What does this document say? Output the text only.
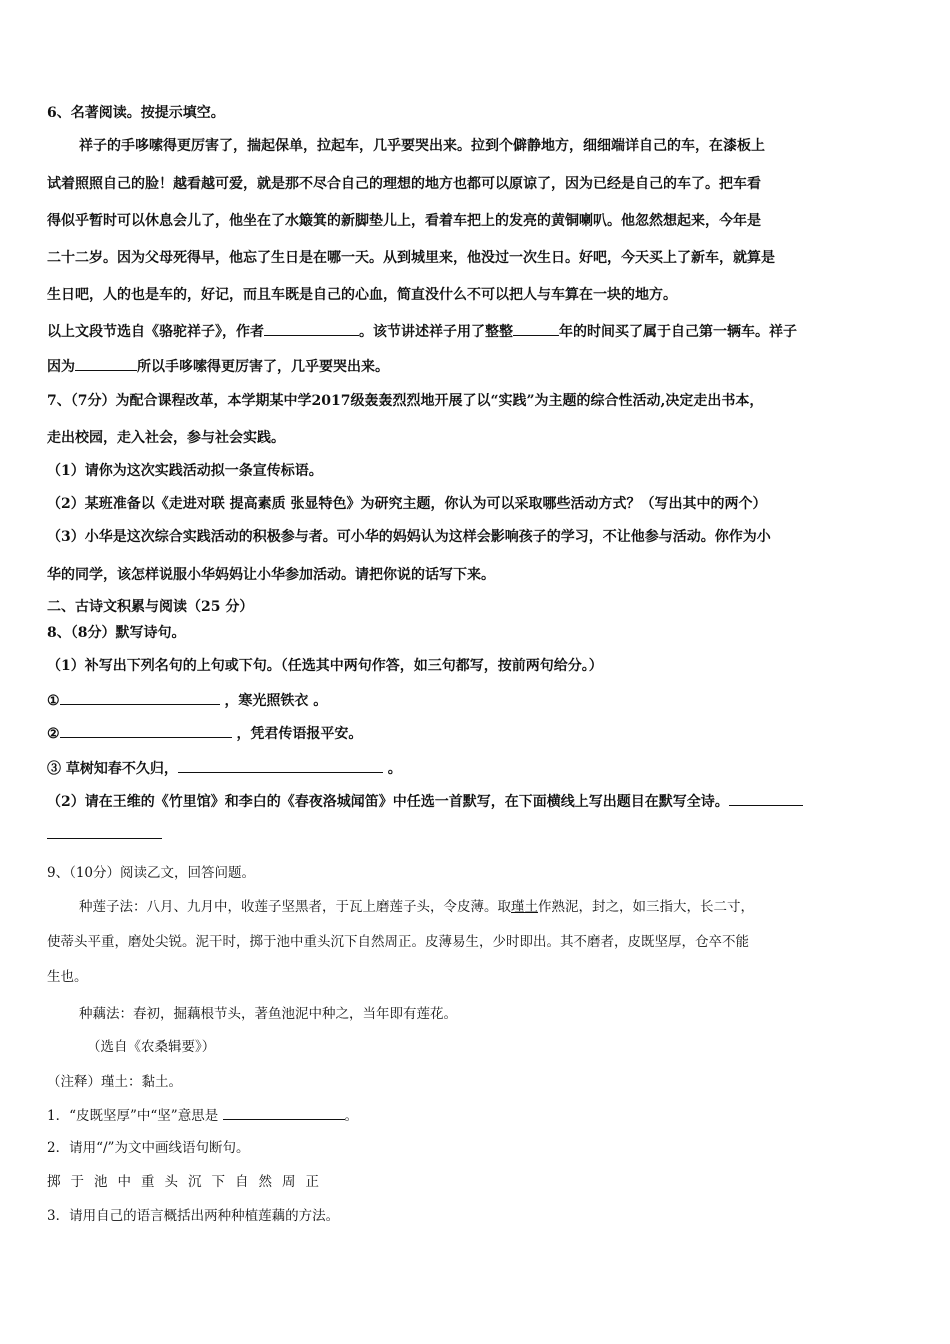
6、名著阅读。按提示填空。
祥子的手哆嗦得更厉害了，揣起保单，拉起车，几乎要哭出来。拉到个僻静地方，细细端详自己的车，在漆板上
试着照照自己的脸！越看越可爱，就是那不尽合自己的理想的地方也都可以原谅了，因为已经是自己的车了。把车看
得似乎暂时可以休息会儿了，他坐在了水簸箕的新脚垫儿上，看着车把上的发亮的黄铜喇叭。他忽然想起来，今年是
二十二岁。因为父母死得早，他忘了生日是在哪一天。从到城里来，他没过一次生日。好吧，今天买上了新车，就算是
生日吧，人的也是车的，好记，而且车既是自己的心血，简直没什么不可以把人与车算在一块的地方。
以上文段节选自《骆驼祥子》，作者	。该节讲述祥子用了整整	年的时间买了属于自己第一辆车。祥子
因为	所以手哆嗦得更厉害了，几乎要哭出来。
7、（7分）为配合课程改革，本学期某中学2017级轰轰烈烈地开展了以“实践”为主题的综合性活动,决定走出书本，
走出校园，走入社会，参与社会实践。
（1）请你为这次实践活动拟一条宣传标语。
（2）某班准备以《走进对联 提高素质 张显特色》为研究主题，你认为可以采取哪些活动方式？（写出其中的两个）
（3）小华是这次综合实践活动的积极参与者。可小华的妈妈认为这样会影响孩子的学习，不让他参与活动。你作为小
华的同学，该怎样说服小华妈妈让小华参加活动。请把你说的话写下来。
二、古诗文积累与阅读（25 分）
8、（8分）默写诗句。
（1）补写出下列名句的上句或下句。（任选其中两句作答，如三句都写，按前两句给分。）
①	，寒光照铁衣 。
②	，凭君传语报平安。
③ 草树知春不久归，	。
（2）请在王维的《竹里馆》和李白的《春夜洛城闻笛》中任选一首默写，在下面横线上写出题目在默写全诗。
9、（10分）阅读乙文，回答问题。
种莲子法：八月、九月中，收莲子坚黑者，于瓦上磨莲子头，令皮薄。取瑾土作熟泥，封之，如三指大，长二寸，
使蒂头平重，磨处尖锐。泥干时，掷于池中重头沉下自然周正。皮薄易生，少时即出。其不磨者，皮既坚厚，仓卒不能
生也。
种藕法：春初，掘藕根节头，著鱼池泥中种之，当年即有莲花。
（选自《农桑辑要》）
（注释）瑾土：黏土。
1．“皮既坚厚”中“坚”意思是	。
2．请用“/”为文中画线语句断句。
掷于池中重头沉下自然周正
3．请用自己的语言概括出两种种植莲藕的方法。
